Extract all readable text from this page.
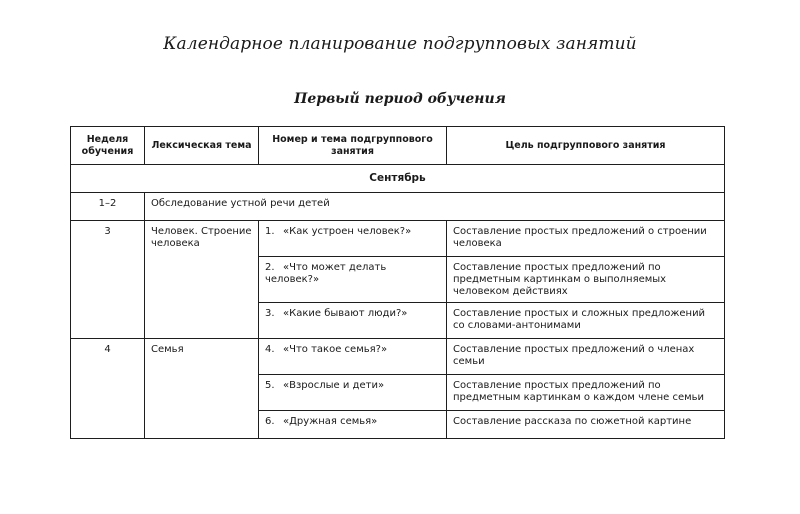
Календарное планирование подгрупповых занятий
Первый период обучения
Неделя обучения	Лексическая тема	Номер и тема подгруппового занятия	Цель подгруппового занятия
Сентябрь			
1–2	Обследование устной речи детей		
3	Человек. Строение человека	1. «Как устроен человек?»	Составление простых предложений о строении человека
		2. «Что может делать человек?»	Составление простых предложений по предметным картинкам о выполняемых человеком действиях
		3. «Какие бывают люди?»	Составление простых и сложных предложений со словами-антонимами
4	Семья	4. «Что такое семья?»	Составление простых предложений о членах семьи
		5. «Взрослые и дети»	Составление простых предложений по предметным картинкам о каждом члене семьи
		6. «Дружная семья»	Составление рассказа по сюжетной картине
